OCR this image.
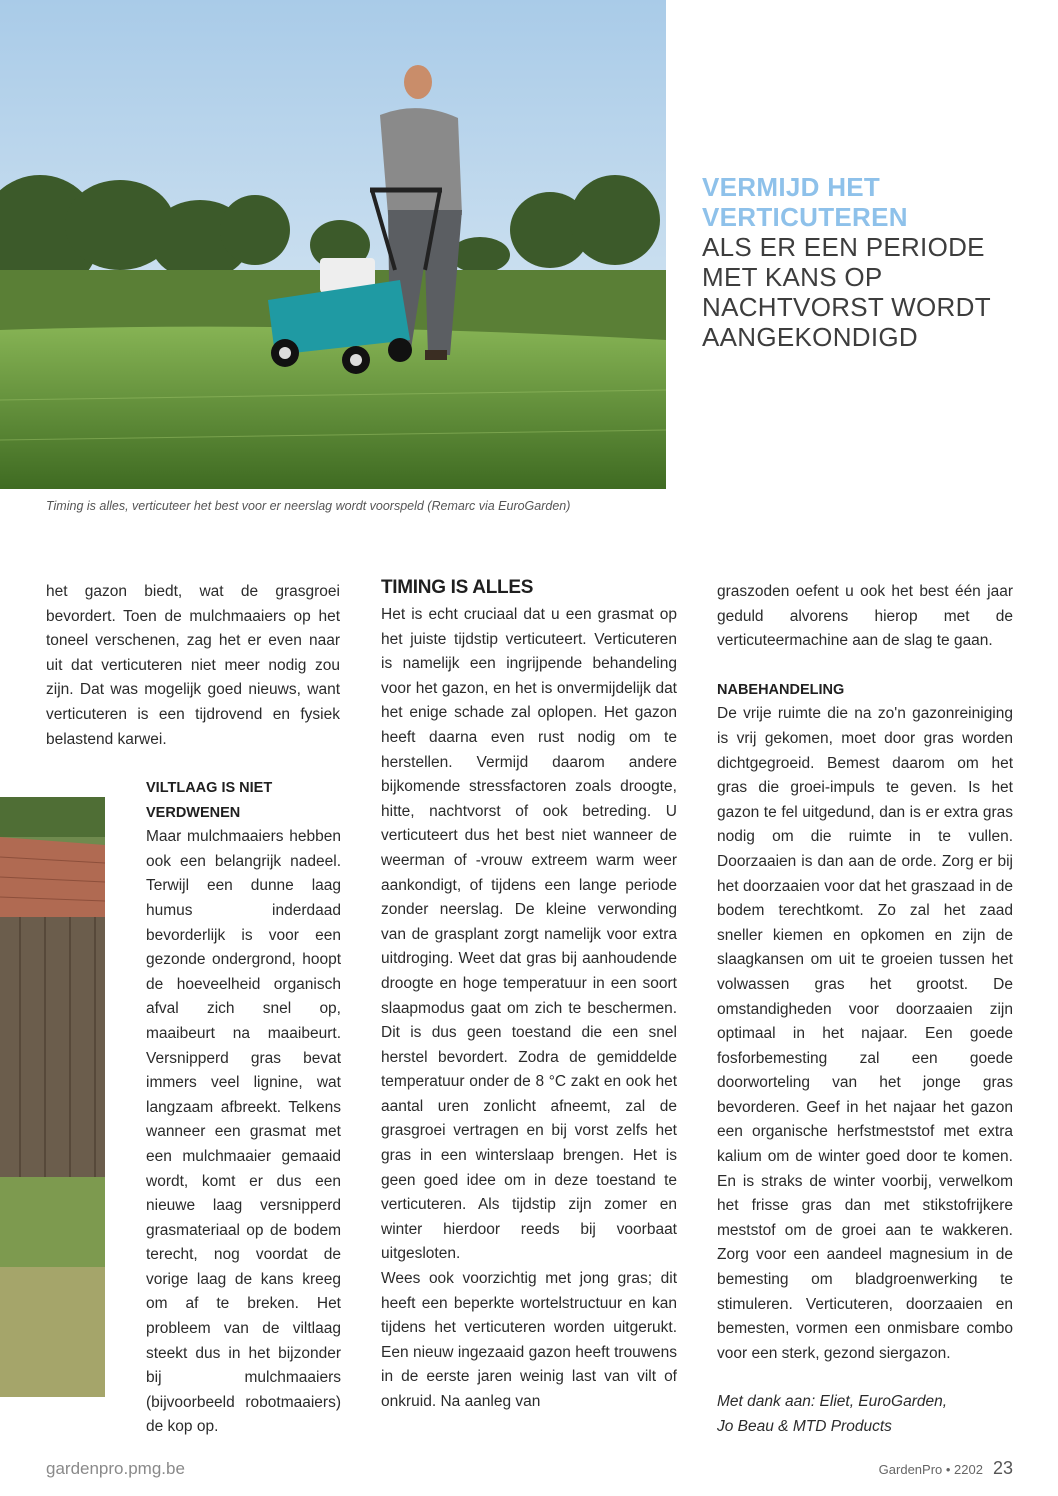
VERMIJD HET VERTICUTEREN
ALS ER EEN PERIODE MET KANS OP NACHTVORST WORDT AANGEKONDIGD
Timing is alles, verticuteer het best voor er neerslag wordt voorspeld (Remarc via EuroGarden)

het gazon biedt, wat de grasgroei bevordert. Toen de mulchmaaiers op het toneel verschenen, zag het er even naar uit dat verticuteren niet meer nodig zou zijn. Dat was mogelijk goed nieuws, want verticuteren is een tijdrovend en fysiek belastend karwei.

VILTLAAG IS NIET VERDWENEN

Maar mulchmaaiers hebben ook een belangrijk nadeel. Terwijl een dunne laag humus inderdaad bevorderlijk is voor een gezonde ondergrond, hoopt de hoeveelheid organisch afval zich snel op, maaibeurt na maaibeurt. Versnipperd gras bevat immers veel lignine, wat langzaam afbreekt. Telkens wanneer een grasmat met een mulchmaaier gemaaid wordt, komt er dus een nieuwe laag versnipperd grasmateriaal op de bodem terecht, nog voordat de vorige laag de kans kreeg om af te breken. Het probleem van de viltlaag steekt dus in het bijzonder bij mulchmaaiers (bijvoorbeeld robotmaaiers) de kop op.

TIMING IS ALLES

Het is echt cruciaal dat u een grasmat op het juiste tijdstip verticuteert. Verticuteren is namelijk een ingrijpende behandeling voor het gazon, en het is onvermijdelijk dat het enige schade zal oplopen. Het gazon heeft daarna even rust nodig om te herstellen. Vermijd daarom andere bijkomende stressfactoren zoals droogte, hitte, nachtvorst of ook betreding. U verticuteert dus het best niet wanneer de weerman of -vrouw extreem warm weer aankondigt, of tijdens een lange periode zonder neerslag. De kleine verwonding van de grasplant zorgt namelijk voor extra uitdroging. Weet dat gras bij aanhoudende droogte en hoge temperatuur in een soort slaapmodus gaat om zich te beschermen. Dit is dus geen toestand die een snel herstel bevordert. Zodra de gemiddelde temperatuur onder de 8 °C zakt en ook het aantal uren zonlicht afneemt, zal de grasgroei vertragen en bij vorst zelfs het gras in een winterslaap brengen. Het is geen goed idee om in deze toestand te verticuteren. Als tijdstip zijn zomer en winter hierdoor reeds bij voorbaat uitgesloten.

Wees ook voorzichtig met jong gras; dit heeft een beperkte wortelstructuur en kan tijdens het verticuteren worden uitgerukt. Een nieuw ingezaaid gazon heeft trouwens in de eerste jaren weinig last van vilt of onkruid. Na aanleg van

graszoden oefent u ook het best één jaar geduld alvorens hierop met de verticuteermachine aan de slag te gaan.

NABEHANDELING

De vrije ruimte die na zo'n gazonreiniging is vrij gekomen, moet door gras worden dichtgegroeid. Bemest daarom om het gras die groei-impuls te geven. Is het gazon te fel uitgedund, dan is er extra gras nodig om die ruimte in te vullen. Doorzaaien is dan aan de orde. Zorg er bij het doorzaaien voor dat het graszaad in de bodem terechtkomt. Zo zal het zaad sneller kiemen en opkomen en zijn de slaagkansen om uit te groeien tussen het volwassen gras het grootst. De omstandigheden voor doorzaaien zijn optimaal in het najaar. Een goede fosforbemesting zal een goede doorworteling van het jonge gras bevorderen. Geef in het najaar het gazon een organische herfstmeststof met extra kalium om de winter goed door te komen. En is straks de winter voorbij, verwelkom het frisse gras dan met stikstofrijkere meststof om de groei aan te wakkeren. Zorg voor een aandeel magnesium in de bemesting om bladgroenwerking te stimuleren. Verticuteren, doorzaaien en bemesten, vormen een onmisbare combo voor een sterk, gezond siergazon.

Met dank aan: Eliet, EuroGarden,
Jo Beau & MTD Products
gardenpro.pmg.be	GardenPro • 2202 23
